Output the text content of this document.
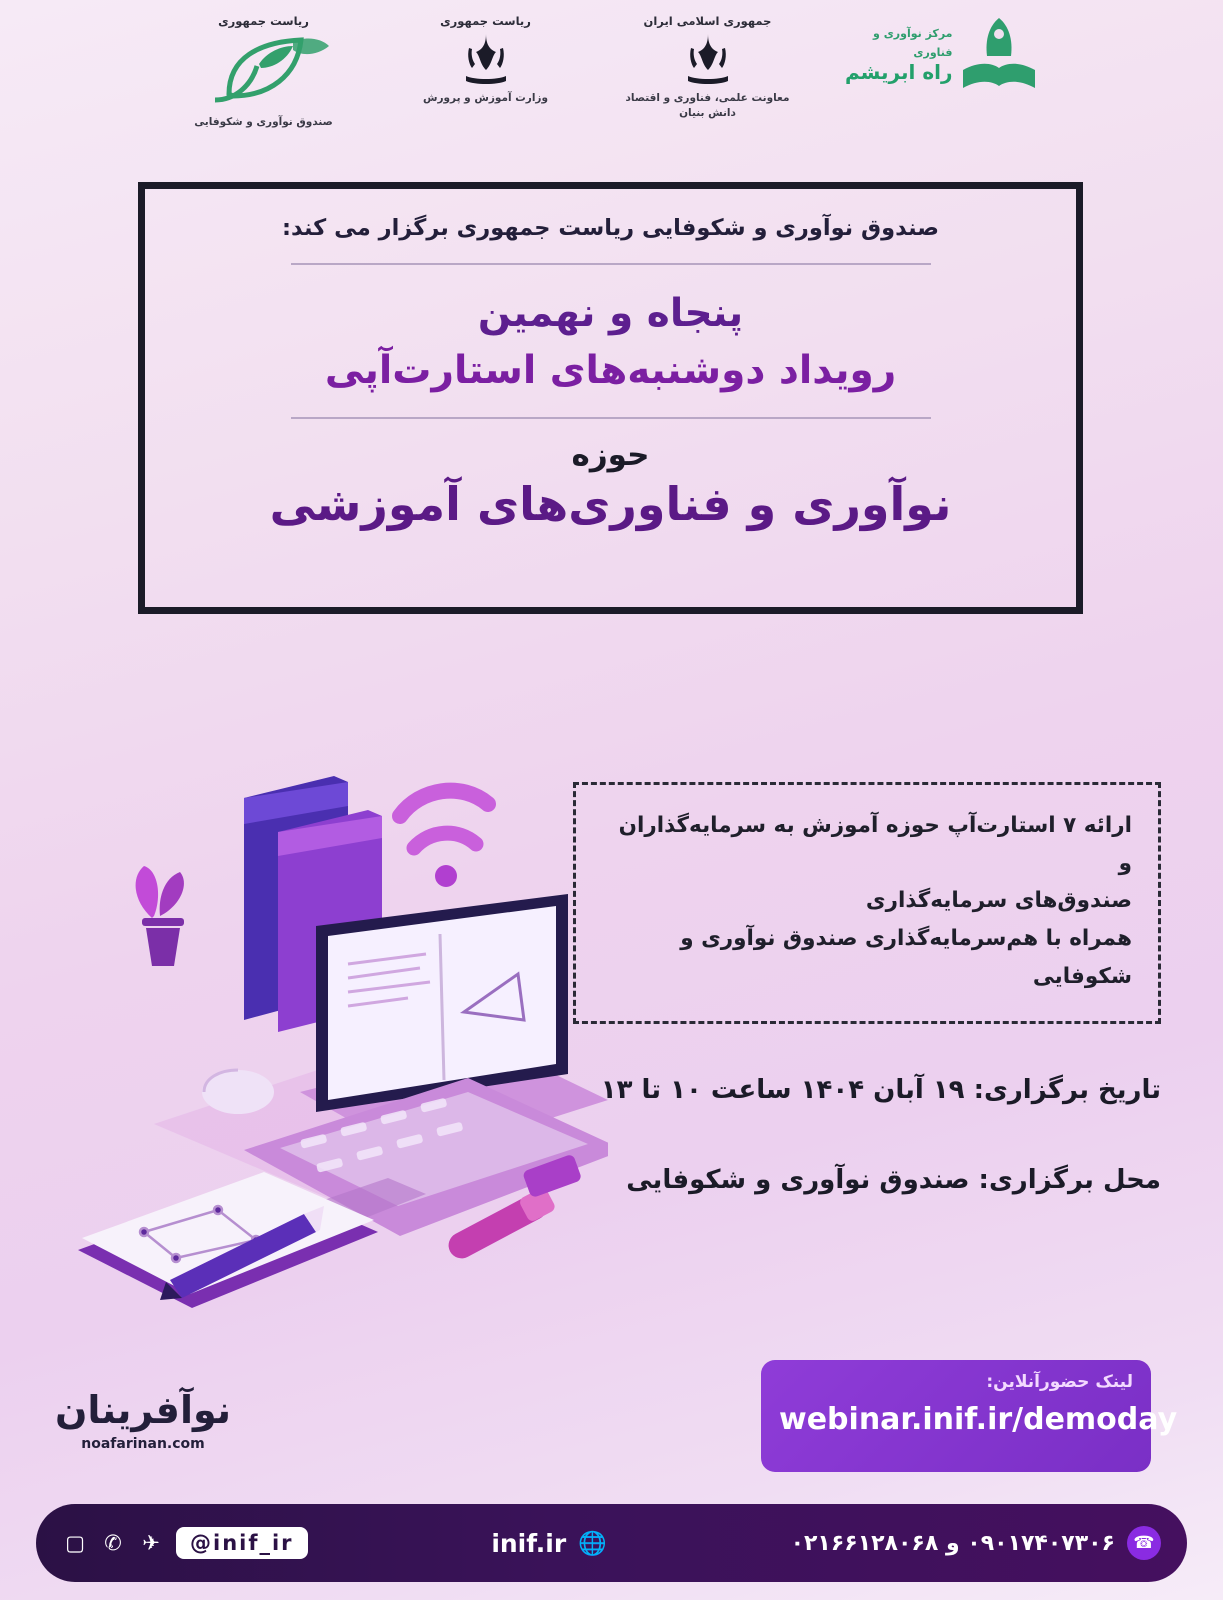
ریاست جمهوری
صندوق نوآوری و شکوفایی
ریاست جمهوری
وزارت آموزش و پرورش
جمهوری اسلامی ایران
معاونت علمی، فناوری و اقتصاد دانش بنیان
مرکز نوآوری و فناوری
راه ابریشم
صندوق نوآوری و شکوفایی ریاست جمهوری برگزار می کند:
پنجاه و نهمین
رویداد دوشنبه‌های استارت‌آپی
حوزه
نوآوری و فناوری‌های آموزشی
ارائه ۷ استارت‌آپ حوزه آموزش به سرمایه‌گذاران و
صندوق‌های سرمایه‌گذاری
همراه با هم‌سرمایه‌گذاری صندوق نوآوری و شکوفایی
تاریخ برگزاری: ۱۹ آبان ۱۴۰۴ ساعت ۱۰ تا ۱۳
محل برگزاری: صندوق نوآوری و شکوفایی
نوآفرینان
noafarinan.com
لینک حضورآنلاین:
webinar.inif.ir/demoday
☎
۰۹۰۱۷۴۰۷۳۰۶ و ۰۲۱۶۶۱۲۸۰۶۸
🌐
inif.ir
@inif_ir
✈
✆
▢
